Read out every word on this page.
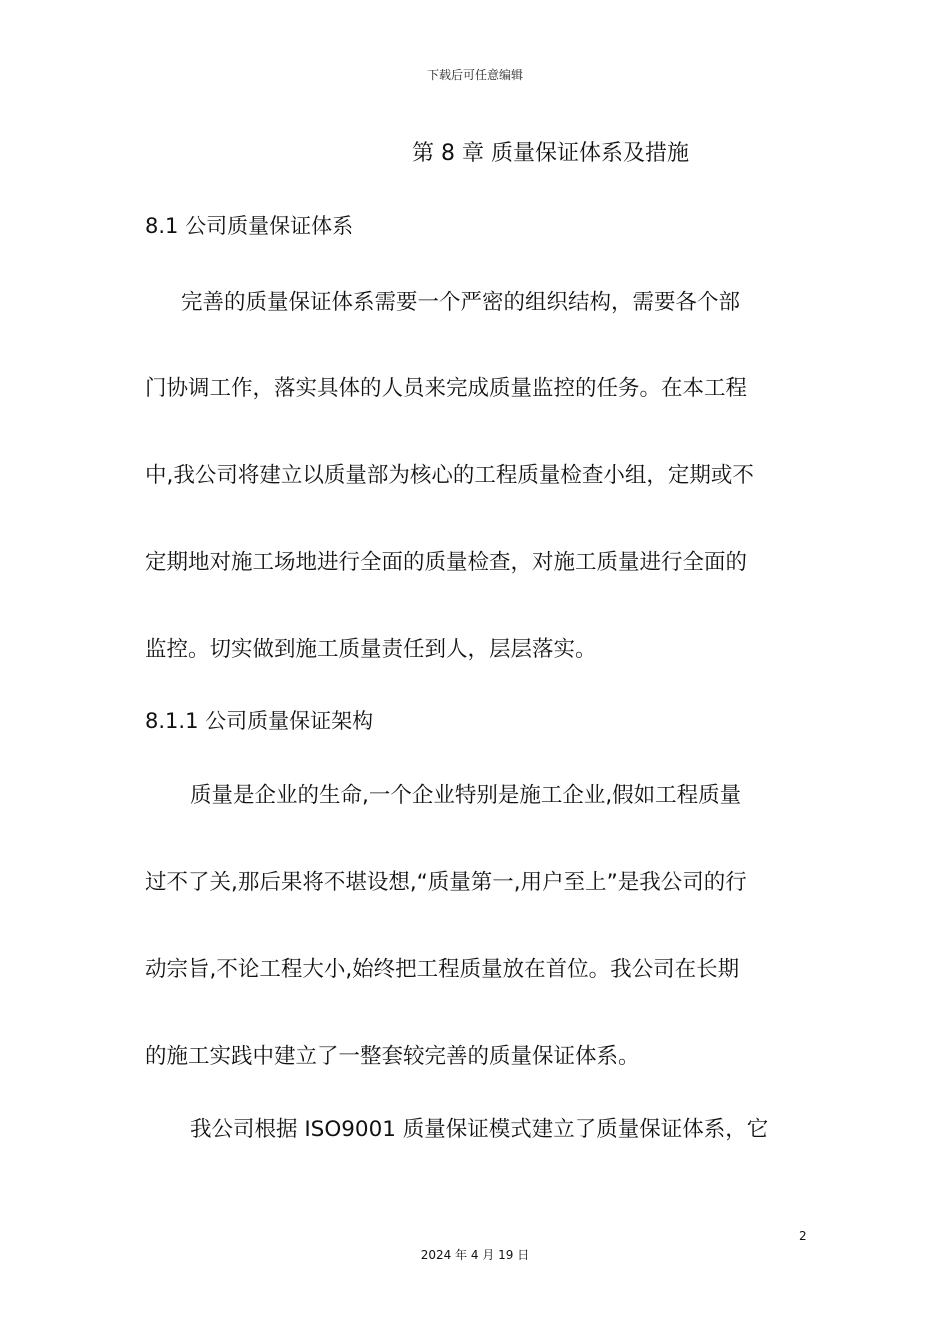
下载后可任意编辑
第 8 章 质量保证体系及措施
8.1 公司质量保证体系
完善的质量保证体系需要一个严密的组织结构，需要各个部
门协调工作，落实具体的人员来完成质量监控的任务。在本工程
中,我公司将建立以质量部为核心的工程质量检查小组，定期或不
定期地对施工场地进行全面的质量检查，对施工质量进行全面的
监控。切实做到施工质量责任到人，层层落实。
8.1.1 公司质量保证架构
质量是企业的生命,一个企业特别是施工企业,假如工程质量
过不了关,那后果将不堪设想,“质量第一,用户至上”是我公司的行
动宗旨,不论工程大小,始终把工程质量放在首位。我公司在长期
的施工实践中建立了一整套较完善的质量保证体系。
我公司根据 ISO9001 质量保证模式建立了质量保证体系，它
2
2024 年 4 月 19 日
